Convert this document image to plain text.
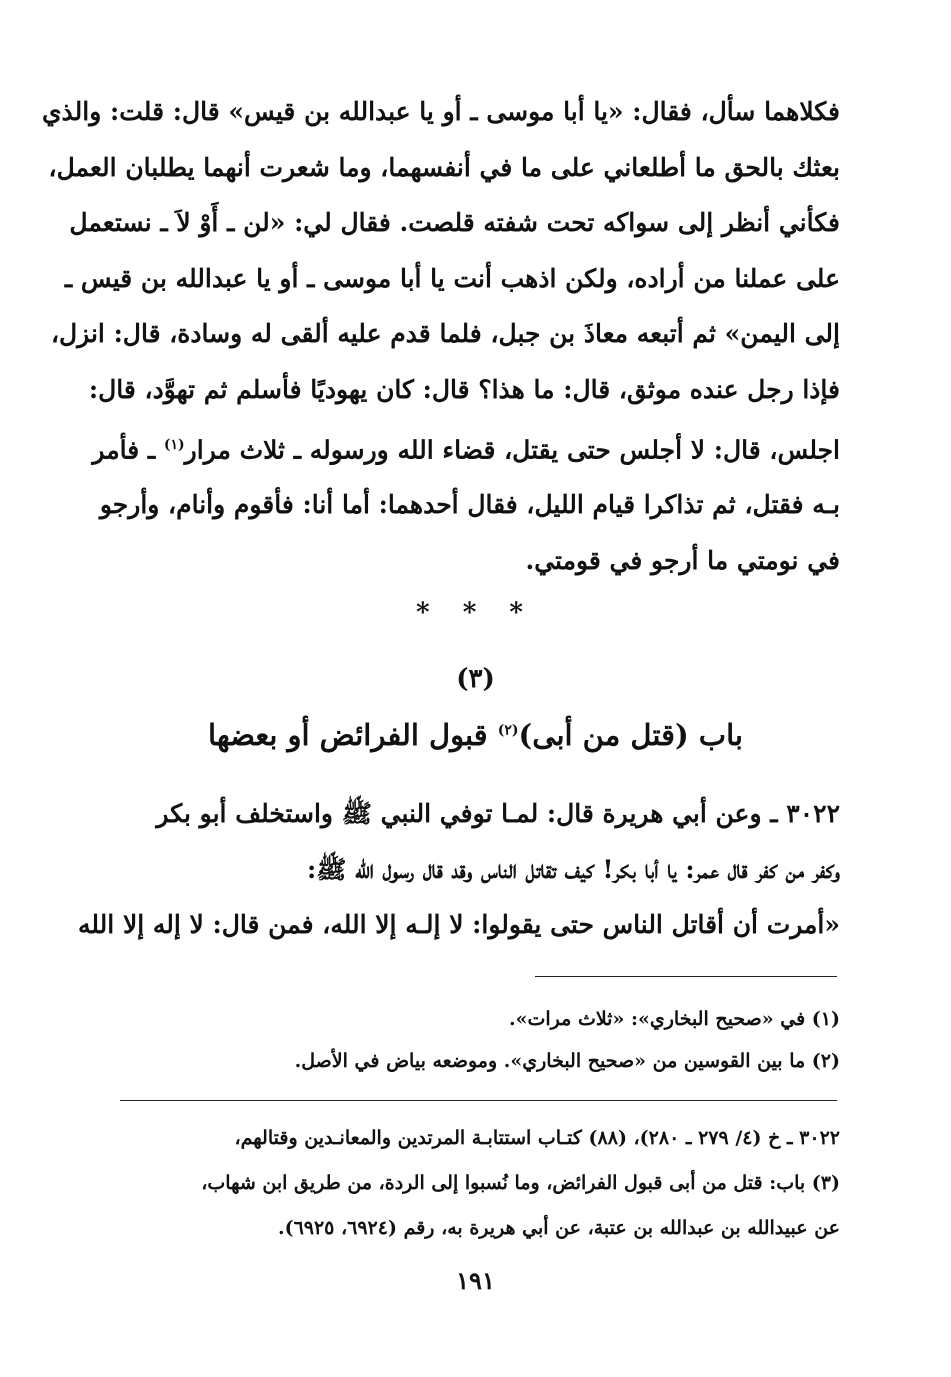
فكلاهما سأل، فقال: «يا أبا موسى ـ أو يا عبدالله بن قيس» قال: قلت: والذي
بعثك بالحق ما أطلعاني على ما في أنفسهما، وما شعرت أنهما يطلبان العمل،
فكأني أنظر إلى سواكه تحت شفته قلصت. فقال لي: «لن ـ أَوْ لاَ ـ نستعمل
على عملنا من أراده، ولكن اذهب أنت يا أبا موسى ـ أو يا عبدالله بن قيس ـ
إلى اليمن» ثم أتبعه معاذَ بن جبل، فلما قدم عليه ألقى له وسادة، قال: انزل،
فإذا رجل عنده موثق، قال: ما هذا؟ قال: كان يهوديًا فأسلم ثم تهوَّد، قال:
اجلس، قال: لا أجلس حتى يقتل، قضاء الله ورسوله ـ ثلاث مرار$^{(١)}$ ـ فأمر
بـه فقتل، ثم تذاكرا قيام الليل، فقال أحدهما: أما أنا: فأقوم وأنام، وأرجو
في نومتي ما أرجو في قومتي.
* * *
(٣)
باب (قتل من أبى)$^{(٢)}$ قبول الفرائض أو بعضها
٣٠٢٢ ـ وعن أبي هريرة قال: لمـا توفي النبي ﷺ واستخلف أبو بكر
وكفر من كفر قال عمر: يا أبا بكر! كيف تقاتل الناس وقد قال رسول الله ﷺ:
«أمرت أن أقاتل الناس حتى يقولوا: لا إلـه إلا الله، فمن قال: لا إله إلا الله
(١) في «صحيح البخاري»: «ثلاث مرات».
(٢) ما بين القوسين من «صحيح البخاري». وموضعه بياض في الأصل.
٣٠٢٢ ـ خ (٤/ ٢٧٩ ـ ٢٨٠)، (٨٨) كتـاب استتابـة المرتدين والمعانـدين وقتالهم،
(٣) باب: قتل من أبى قبول الفرائض، وما نُسبوا إلى الردة، من طريق ابن شهاب،
عن عبيدالله بن عبدالله بن عتبة، عن أبي هريرة به، رقم (٦٩٢٤، ٦٩٢٥).
١٩١
